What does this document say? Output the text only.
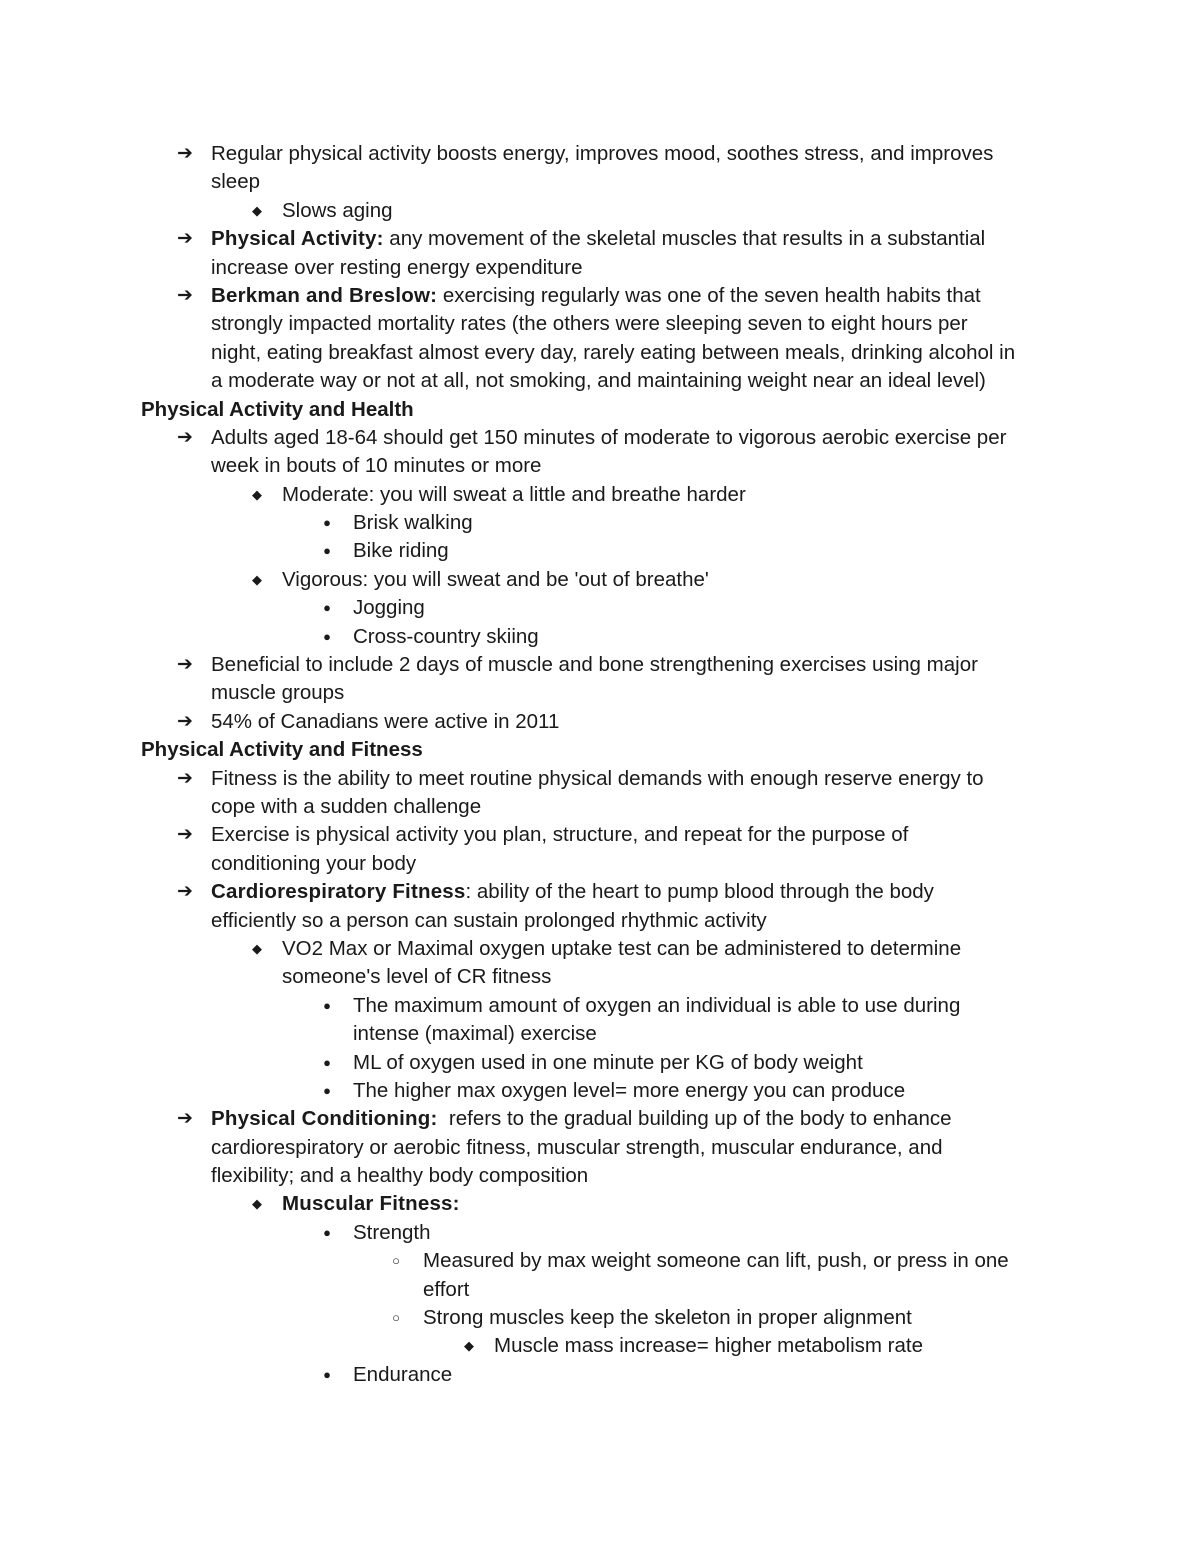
➔ Regular physical activity boosts energy, improves mood, soothes stress, and improves
sleep
◆ Slows aging
➔ Physical Activity: any movement of the skeletal muscles that results in a substantial
increase over resting energy expenditure
➔ Berkman and Breslow: exercising regularly was one of the seven health habits that
strongly impacted mortality rates (the others were sleeping seven to eight hours per
night, eating breakfast almost every day, rarely eating between meals, drinking alcohol in
a moderate way or not at all, not smoking, and maintaining weight near an ideal level)
Physical Activity and Health
➔ Adults aged 18-64 should get 150 minutes of moderate to vigorous aerobic exercise per
week in bouts of 10 minutes or more
◆ Moderate: you will sweat a little and breathe harder
●	Brisk walking
●	Bike riding
◆ Vigorous: you will sweat and be 'out of breathe'
●	Jogging
●	Cross-country skiing
➔ Beneficial to include 2 days of muscle and bone strengthening exercises using major
muscle groups
➔ 54% of Canadians were active in 2011
Physical Activity and Fitness
➔ Fitness is the ability to meet routine physical demands with enough reserve energy to
cope with a sudden challenge
➔ Exercise is physical activity you plan, structure, and repeat for the purpose of
conditioning your body
➔ Cardiorespiratory Fitness: ability of the heart to pump blood through the body
efficiently so a person can sustain prolonged rhythmic activity
◆ VO2 Max or Maximal oxygen uptake test can be administered to determine
someone's level of CR fitness
●	The maximum amount of oxygen an individual is able to use during
intense (maximal) exercise
●	ML of oxygen used in one minute per KG of body weight
●	The higher max oxygen level= more energy you can produce
➔ Physical Conditioning:  refers to the gradual building up of the body to enhance
cardiorespiratory or aerobic fitness, muscular strength, muscular endurance, and
flexibility; and a healthy body composition
◆ Muscular Fitness:
●	Strength
○	Measured by max weight someone can lift, push, or press in one
effort
○	Strong muscles keep the skeleton in proper alignment
◆ Muscle mass increase= higher metabolism rate
●	Endurance
